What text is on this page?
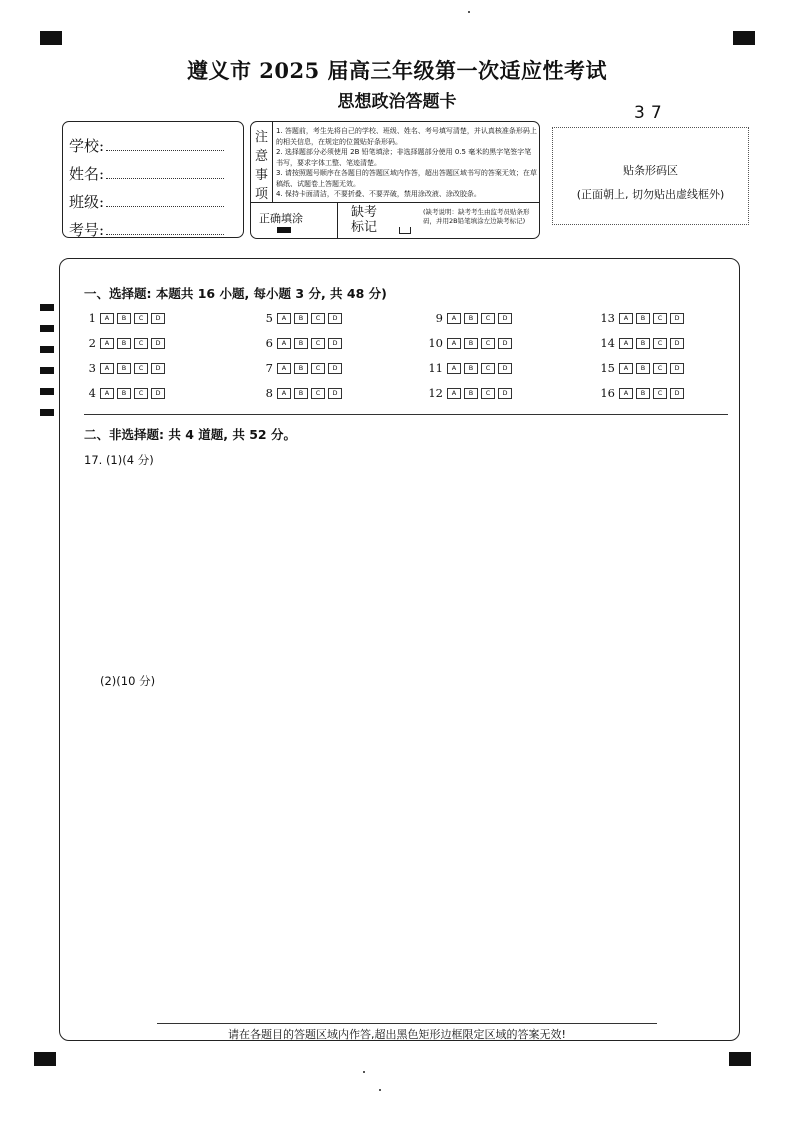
遵义市 2025 届高三年级第一次适应性考试
思想政治答题卡
37
学校:
姓名:
班级:
考号:
注
意
事
项
1. 答题前，考生先将自己的学校、班级、姓名、考号填写清楚，并认真核准条形码上的相关信息，在规定的位置贴好条形码。
2. 选择题部分必须使用 2B 铅笔填涂；非选择题部分使用 0.5 毫米的黑字笔签字笔书写，要求字体工整、笔迹清楚。
3. 请按照题号顺序在各题目的答题区域内作答，超出答题区域书写的答案无效；在草稿纸、试题卷上答题无效。
4. 保持卡面清洁，不要折叠、不要弄破，禁用涂改液、涂改胶条。
正确填涂	缺考标记
(缺考说明：缺考考生由监考员贴条形码，并用2B铅笔填涂左边缺考标记)
贴条形码区
(正面朝上, 切勿贴出虚线框外)
一、选择题: 本题共 16 小题, 每小题 3 分, 共 48 分)
1	A	B	C	D
2	A	B	C	D
3	A	B	C	D
4	A	B	C	D
5	A	B	C	D
6	A	B	C	D
7	A	B	C	D
8	A	B	C	D
9	A	B	C	D
10	A	B	C	D
11	A	B	C	D
12	A	B	C	D
13	A	B	C	D
14	A	B	C	D
15	A	B	C	D
16	A	B	C	D
二、非选择题: 共 4 道题, 共 52 分。
17. (1)(4 分)
(2)(10 分)
请在各题目的答题区域内作答,超出黑色矩形边框限定区域的答案无效!
